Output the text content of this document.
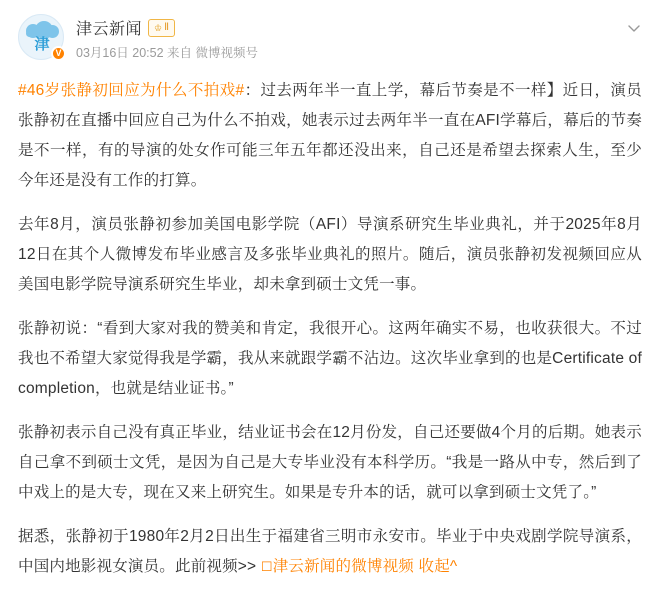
津 V
津云新闻 ♔ Ⅱ
03月16日 20:52 来自 微博视频号

#46岁张静初回应为什么不拍戏#：过去两年半一直上学，幕后节奏是不一样】近日，演员张静初在直播中回应自己为什么不拍戏，她表示过去两年半一直在AFI学幕后，幕后的节奏是不一样，有的导演的处女作可能三年五年都还没出来，自己还是希望去探索人生，至少今年还是没有工作的打算。

去年8月，演员张静初参加美国电影学院（AFI）导演系研究生毕业典礼，并于2025年8月12日在其个人微博发布毕业感言及多张毕业典礼的照片。随后，演员张静初发视频回应从美国电影学院导演系研究生毕业，却未拿到硕士文凭一事。

张静初说：“看到大家对我的赞美和肯定，我很开心。这两年确实不易，也收获很大。不过我也不希望大家觉得我是学霸，我从来就跟学霸不沾边。这次毕业拿到的也是Certificate of completion，也就是结业证书。”

张静初表示自己没有真正毕业，结业证书会在12月份发，自己还要做4个月的后期。她表示自己拿不到硕士文凭，是因为自己是大专毕业没有本科学历。“我是一路从中专，然后到了中戏上的是大专，现在又来上研究生。如果是专升本的话，就可以拿到硕士文凭了。”

据悉，张静初于1980年2月2日出生于福建省三明市永安市。毕业于中央戏剧学院导演系，中国内地影视女演员。此前视频>> ☐津云新闻的微博视频 收起^
